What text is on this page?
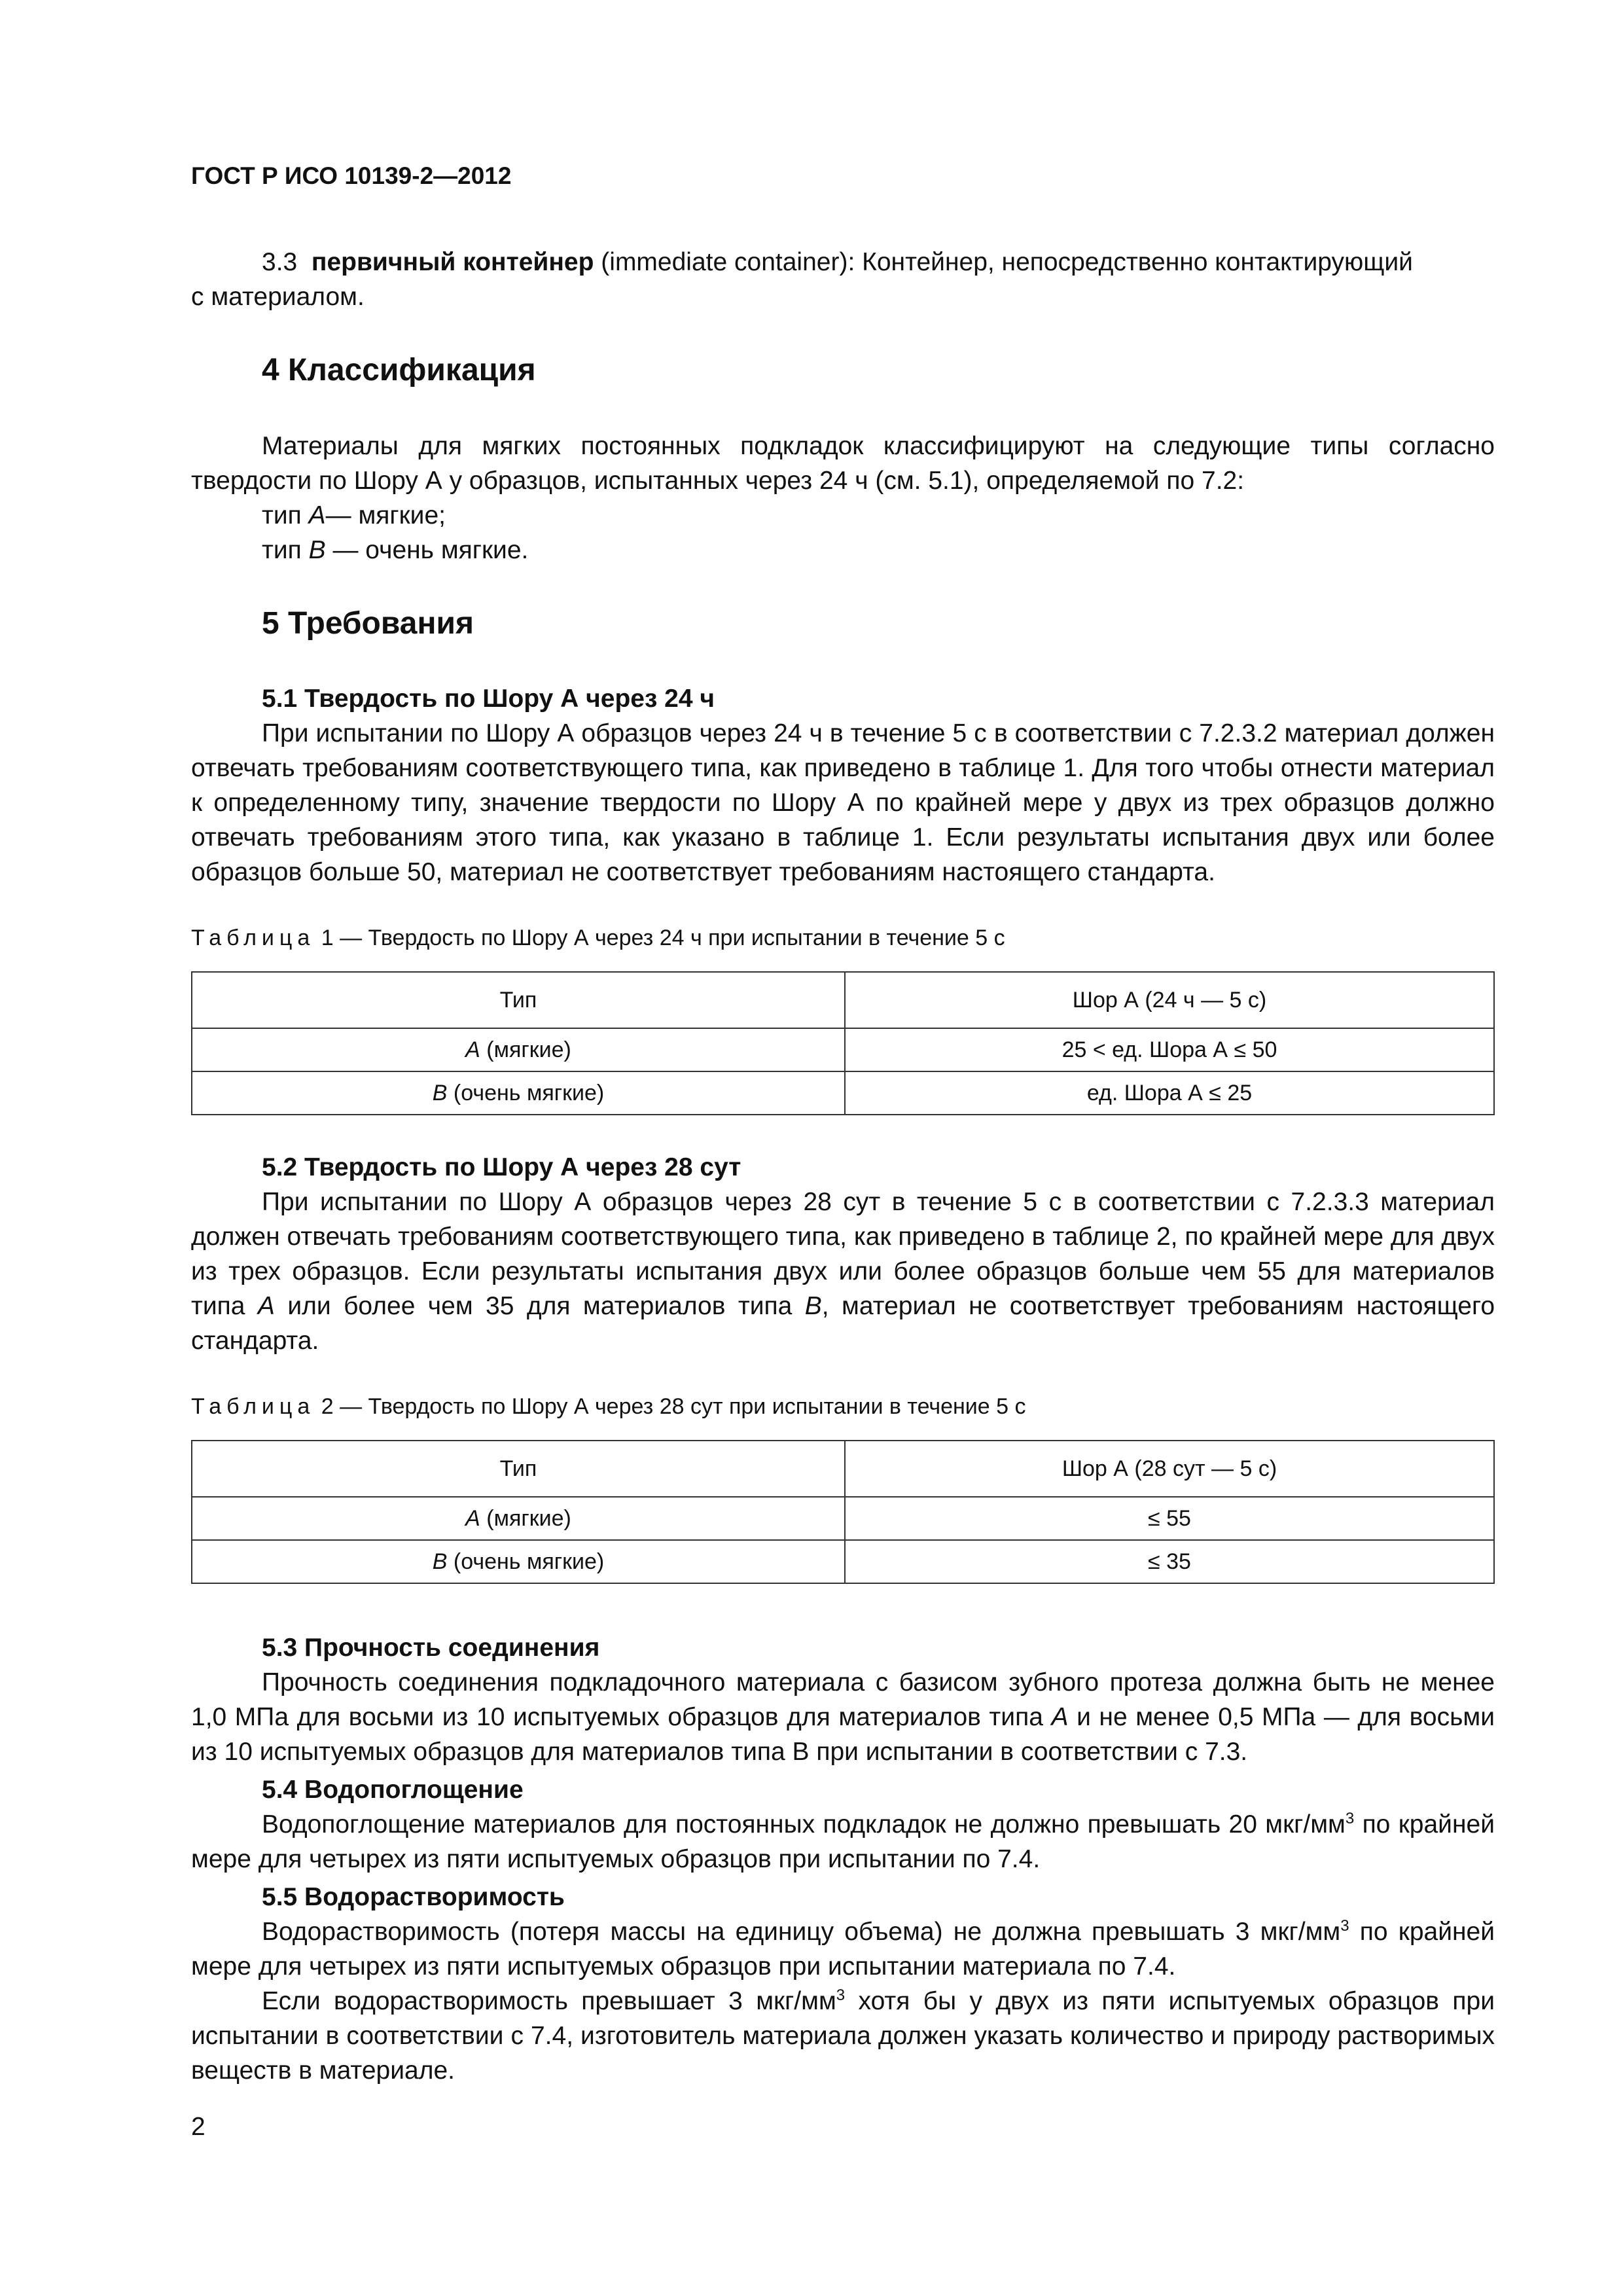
ГОСТ Р ИСО 10139-2—2012

3.3 первичный контейнер (immediate container): Контейнер, непосредственно контактирующий

с материалом.

4 Классификация

Материалы для мягких постоянных подкладок классифицируют на следующие типы согласно твердости по Шору А у образцов, испытанных через 24 ч (см. 5.1), определяемой по 7.2:

тип А— мягкие;

тип В — очень мягкие.

5 Требования
5.1 Твердость по Шору А через 24 ч

При испытании по Шору А образцов через 24 ч в течение 5 с в соответствии с 7.2.3.2 материал должен отвечать требованиям соответствующего типа, как приведено в таблице 1. Для того чтобы отнести материал к определенному типу, значение твердости по Шору А по крайней мере у двух из трех образцов должно отвечать требованиям этого типа, как указано в таблице 1. Если результаты испытания двух или более образцов больше 50, материал не соответствует требованиям настоящего стандарта.

Таблица 1 — Твердость по Шору А через 24 ч при испытании в течение 5 с

Тип	Шор А (24 ч — 5 с)
А (мягкие)	25 < ед. Шора А ≤ 50
В (очень мягкие)	ед. Шора А ≤ 25
5.2 Твердость по Шору А через 28 сут

При испытании по Шору А образцов через 28 сут в течение 5 с в соответствии с 7.2.3.3 материал должен отвечать требованиям соответствующего типа, как приведено в таблице 2, по крайней мере для двух из трех образцов. Если результаты испытания двух или более образцов больше чем 55 для материалов типа А или более чем 35 для материалов типа В, материал не соответствует требованиям настоящего стандарта.

Таблица 2 — Твердость по Шору А через 28 сут при испытании в течение 5 с

Тип	Шор А (28 сут — 5 с)
А (мягкие)	≤ 55
В (очень мягкие)	≤ 35
5.3 Прочность соединения

Прочность соединения подкладочного материала с базисом зубного протеза должна быть не менее 1,0 МПа для восьми из 10 испытуемых образцов для материалов типа А и не менее 0,5 МПа — для восьми из 10 испытуемых образцов для материалов типа В при испытании в соответствии с 7.3.

5.4 Водопоглощение

Водопоглощение материалов для постоянных подкладок не должно превышать 20 мкг/$мм^3$ по крайней мере для четырех из пяти испытуемых образцов при испытании по 7.4.

5.5 Водорастворимость

Водорастворимость (потеря массы на единицу объема) не должна превышать 3 мкг/$мм^3$ по крайней мере для четырех из пяти испытуемых образцов при испытании материала по 7.4.

Если водорастворимость превышает 3 мкг/$мм^3$ хотя бы у двух из пяти испытуемых образцов при испытании в соответствии с 7.4, изготовитель материала должен указать количество и природу растворимых веществ в материале.

2
